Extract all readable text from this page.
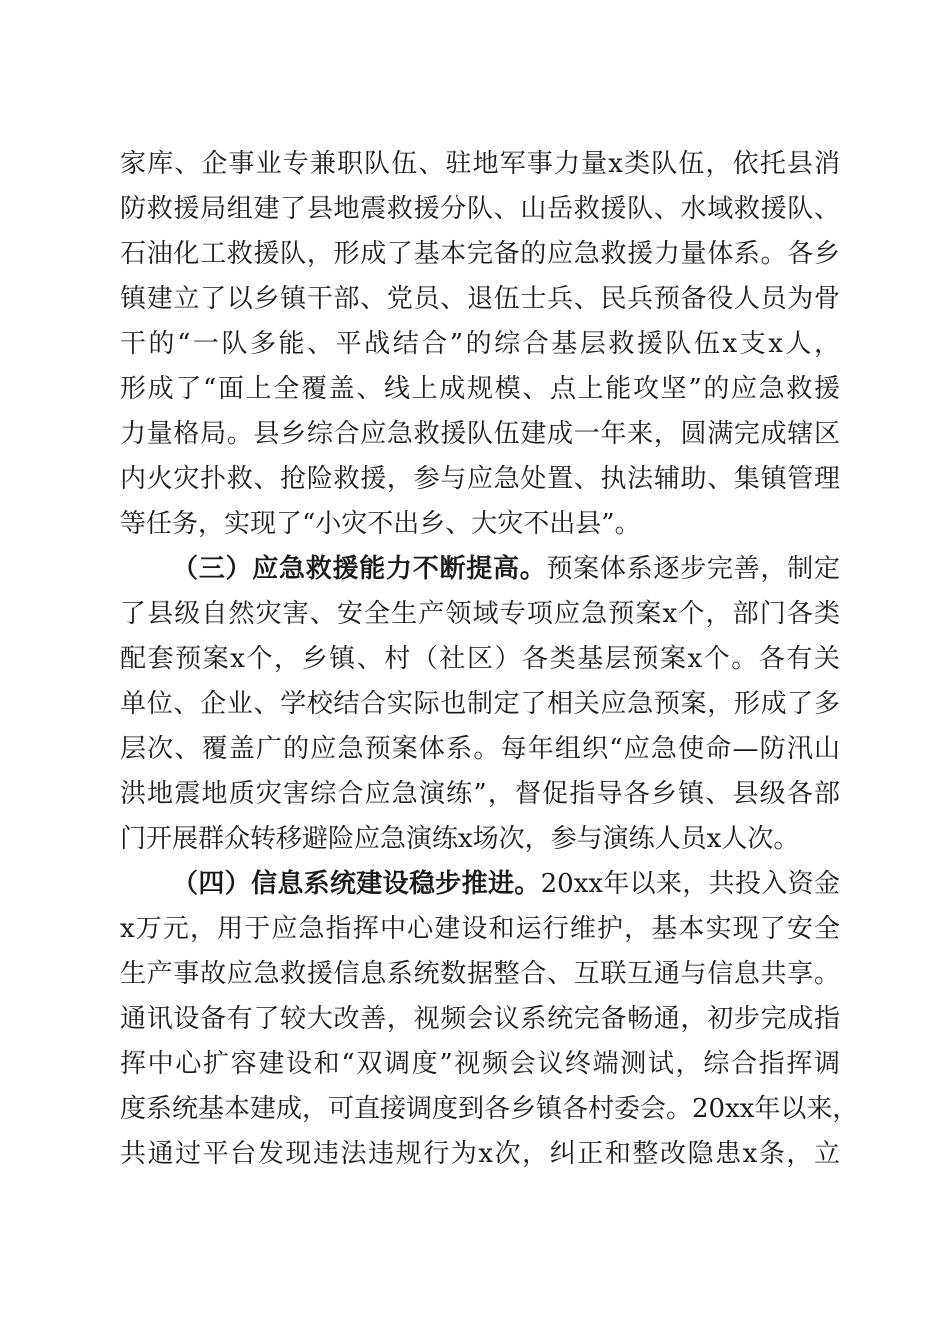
家库、企事业专兼职队伍、驻地军事力量x类队伍，依托县消
防救援局组建了县地震救援分队、山岳救援队、水域救援队、
石油化工救援队，形成了基本完备的应急救援力量体系。各乡
镇建立了以乡镇干部、党员、退伍士兵、民兵预备役人员为骨
干的“一队多能、平战结合”的综合基层救援队伍x支x人，
形成了“面上全覆盖、线上成规模、点上能攻坚”的应急救援
力量格局。县乡综合应急救援队伍建成一年来，圆满完成辖区
内火灾扑救、抢险救援，参与应急处置、执法辅助、集镇管理
等任务，实现了“小灾不出乡、大灾不出县”。
（三）应急救援能力不断提高。预案体系逐步完善，制定
了县级自然灾害、安全生产领域专项应急预案x个，部门各类
配套预案x个，乡镇、村（社区）各类基层预案x个。各有关
单位、企业、学校结合实际也制定了相关应急预案，形成了多
层次、覆盖广的应急预案体系。每年组织“应急使命—防汛山
洪地震地质灾害综合应急演练”，督促指导各乡镇、县级各部
门开展群众转移避险应急演练x场次，参与演练人员x人次。
（四）信息系统建设稳步推进。20xx年以来，共投入资金
x万元，用于应急指挥中心建设和运行维护，基本实现了安全
生产事故应急救援信息系统数据整合、互联互通与信息共享。
通讯设备有了较大改善，视频会议系统完备畅通，初步完成指
挥中心扩容建设和“双调度”视频会议终端测试，综合指挥调
度系统基本建成，可直接调度到各乡镇各村委会。20xx年以来，
共通过平台发现违法违规行为x次，纠正和整改隐患x条，立
